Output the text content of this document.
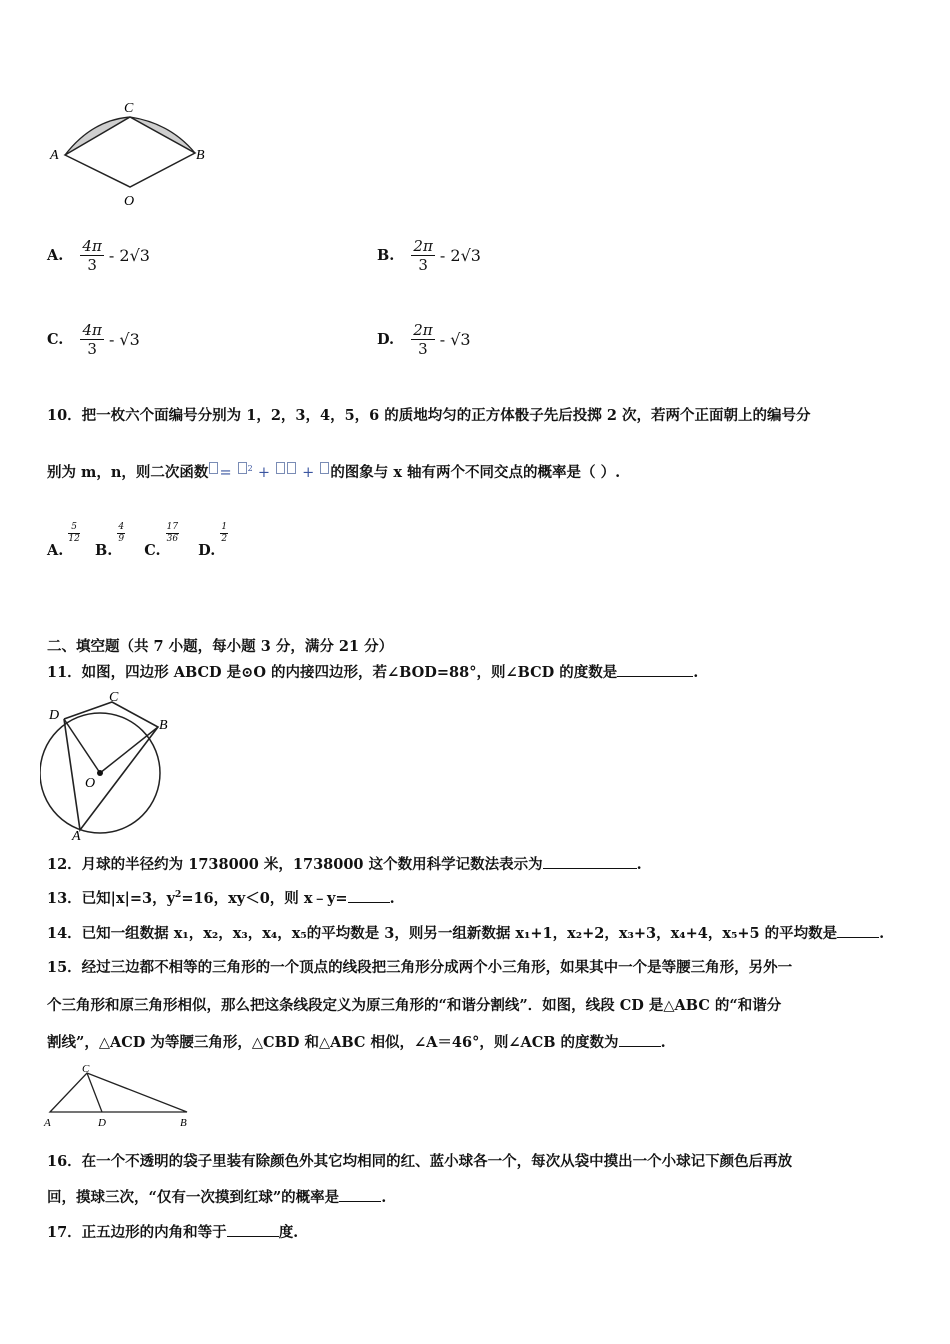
C
A	B
O
A. $\frac{4\pi}{3} - 2√3$	B. $\frac{2\pi}{3} - 2√3$
C. $\frac{4\pi}{3} - √3$	D. $\frac{2\pi}{3} - √3$
10．把一枚六个面编号分别为 1，2，3，4，5，6 的质地均匀的正方体骰子先后投掷 2 次，若两个正面朝上的编号分
别为 m，n，则二次函数 = $^2$ + + 的图象与 x 轴有两个不同交点的概率是（ ）.
A.
$\frac{5}{12}$
B.
$\frac{4}{9}$
C.
$\frac{17}{36}$
D.
$\frac{1}{2}$
二、填空题（共 7 小题，每小题 3 分，满分 21 分）
11．如图，四边形 ABCD 是⊙O 的内接四边形，若∠BOD=88°，则∠BCD 的度数是	.
D
C
B
O
A
12．月球的半径约为 1738000 米，1738000 这个数用科学记数法表示为	.
13．已知|x|=3，$y^2=16$，xy＜0，则 x﹣y=	.
14．已知一组数据 x₁，x₂，x₃，x₄，x₅的平均数是 3，则另一组新数据 x₁+1，x₂+2，x₃+3，x₄+4，x₅+5 的平均数是	.
15．经过三边都不相等的三角形的一个顶点的线段把三角形分成两个小三角形，如果其中一个是等腰三角形，另外一
个三角形和原三角形相似，那么把这条线段定义为原三角形的“和谐分割线”．如图，线段 CD 是△ABC 的“和谐分
割线”，△ACD 为等腰三角形，△CBD 和△ABC 相似，∠A＝46°，则∠ACB 的度数为	.
C
A	D	B
16．在一个不透明的袋子里装有除颜色外其它均相同的红、蓝小球各一个，每次从袋中摸出一个小球记下颜色后再放
回，摸球三次，“仅有一次摸到红球”的概率是	.
17．正五边形的内角和等于	度.
